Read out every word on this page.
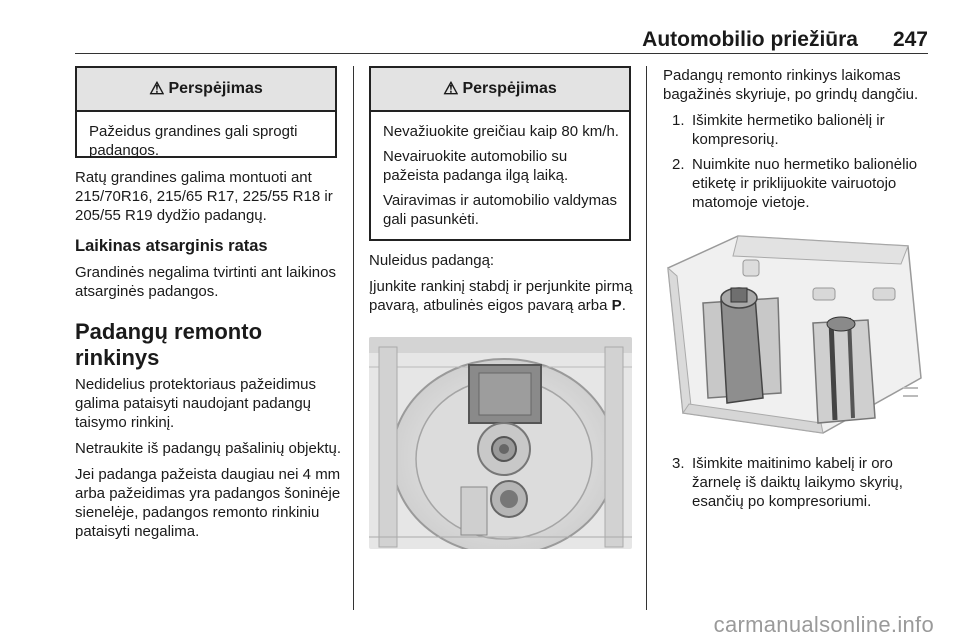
Automobilio priežiūra 247
⚠ Perspėjimas

Pažeidus grandines gali sprogti padangos.

Ratų grandines galima montuoti ant 215/70R16, 215/65 R17, 225/55 R18 ir 205/55 R19 dydžio padangų.

Laikinas atsarginis ratas

Grandinės negalima tvirtinti ant laikinos atsarginės padangos.

Padangų remonto rinkinys

Nedidelius protektoriaus pažeidimus galima pataisyti naudojant padangų taisymo rinkinį.

Netraukite iš padangų pašalinių objektų.

Jei padanga pažeista daugiau nei 4 mm arba pažeidimas yra padangos šoninėje sienelėje, padangos remonto rinkiniu pataisyti negalima.

⚠ Perspėjimas

Nevažiuokite greičiau kaip 80 km/h.

Nevairuokite automobilio su pažeista padanga ilgą laiką.

Vairavimas ir automobilio valdymas gali pasunkėti.

Nuleidus padangą:

Įjunkite rankinį stabdį ir perjunkite pirmą pavarą, atbulinės eigos pavarą arba P.

Padangų remonto rinkinys laikomas bagažinės skyriuje, po grindų dangčiu.

1. Išimkite hermetiko balionėlį ir kompresorių.
2. Nuimkite nuo hermetiko balionėlio etiketę ir priklijuokite vairuotojo matomoje vietoje.
3. Išimkite maitinimo kabelį ir oro žarnelę iš daiktų laikymo skyrių, esančių po kompresoriumi.
carmanualsonline.info
